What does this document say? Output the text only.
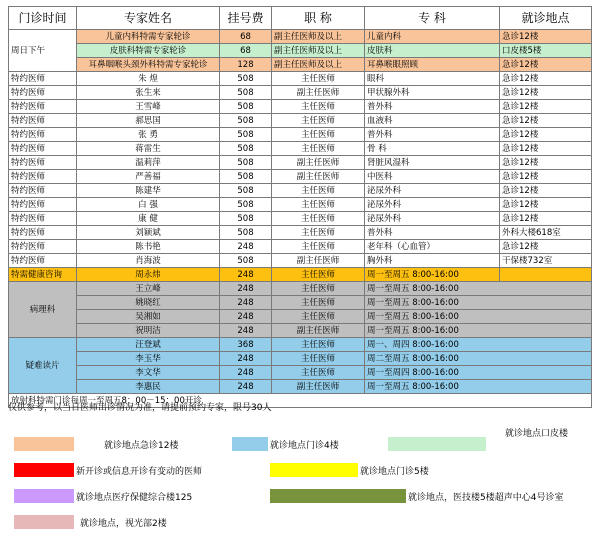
门诊时间	专家姓名	挂号费	职 称	专 科	就诊地点
周日下午	儿童内科特需专家轮诊	68	副主任医师及以上	儿童内科	急诊12楼
	皮肤科特需专家轮诊	68	副主任医师及以上	皮肤科	口皮楼5楼
	耳鼻咽喉头颈外科特需专家轮诊	128	副主任医师及以上	耳鼻喉眼照顾	急诊12楼
特约医师	朱 煌	508	主任医师	眼科	急诊12楼
特约医师	张生来	508	副主任医师	甲状腺外科	急诊12楼
特约医师	王雪峰	508	主任医师	普外科	急诊12楼
特约医师	郝思国	508	主任医师	血液科	急诊12楼
特约医师	张 勇	508	主任医师	普外科	急诊12楼
特约医师	蒋雷生	508	主任医师	骨 科	急诊12楼
特约医师	温莉萍	508	副主任医师	肾脏风湿科	急诊12楼
特约医师	严善福	508	副主任医师	中医科	急诊12楼
特约医师	陈建华	508	主任医师	泌尿外科	急诊12楼
特约医师	白 强	508	主任医师	泌尿外科	急诊12楼
特约医师	康 健	508	主任医师	泌尿外科	急诊12楼
特约医师	刘颖斌	508	主任医师	普外科	外科大楼618室
特约医师	陈书艳	248	主任医师	老年科（心血管）	急诊12楼
特约医师	肖海波	508	副主任医师	胸外科	干保楼732室
特需健康咨询	周永炜	248	主任医师	周一至周五 8:00-16:00	
病理科	王立峰	248	主任医师	周一至周五 8:00-16:00	
	姚晓红	248	主任医师	周一至周五 8:00-16:00	
	吴湘如	248	主任医师	周一至周五 8:00-16:00	
	祝明洁	248	副主任医师	周一至周五 8:00-16:00	
疑难读片	汪登斌	368	主任医师	周一、周四 8:00-16:00	
	李玉华	248	主任医师	周二至周五 8:00-16:00	
	李文华	248	主任医师	周一至周四 8:00-16:00	
	李惠民	248	副主任医师	周一至周五 8:00-16:00	
放射科特需门诊每周一至周五8：00－15：00开诊					
仅供参考，以当日医师出诊情况为准，请提前预约专家，限号30人
就诊地点急诊12楼	就诊地点门诊4楼
就诊地点口皮楼
新开诊或信息开诊有变动的医师	就诊地点门诊5楼
就诊地点医疗保健综合楼125	就诊地点，医技楼5楼超声中心4号诊室
就诊地点，视光部2楼
